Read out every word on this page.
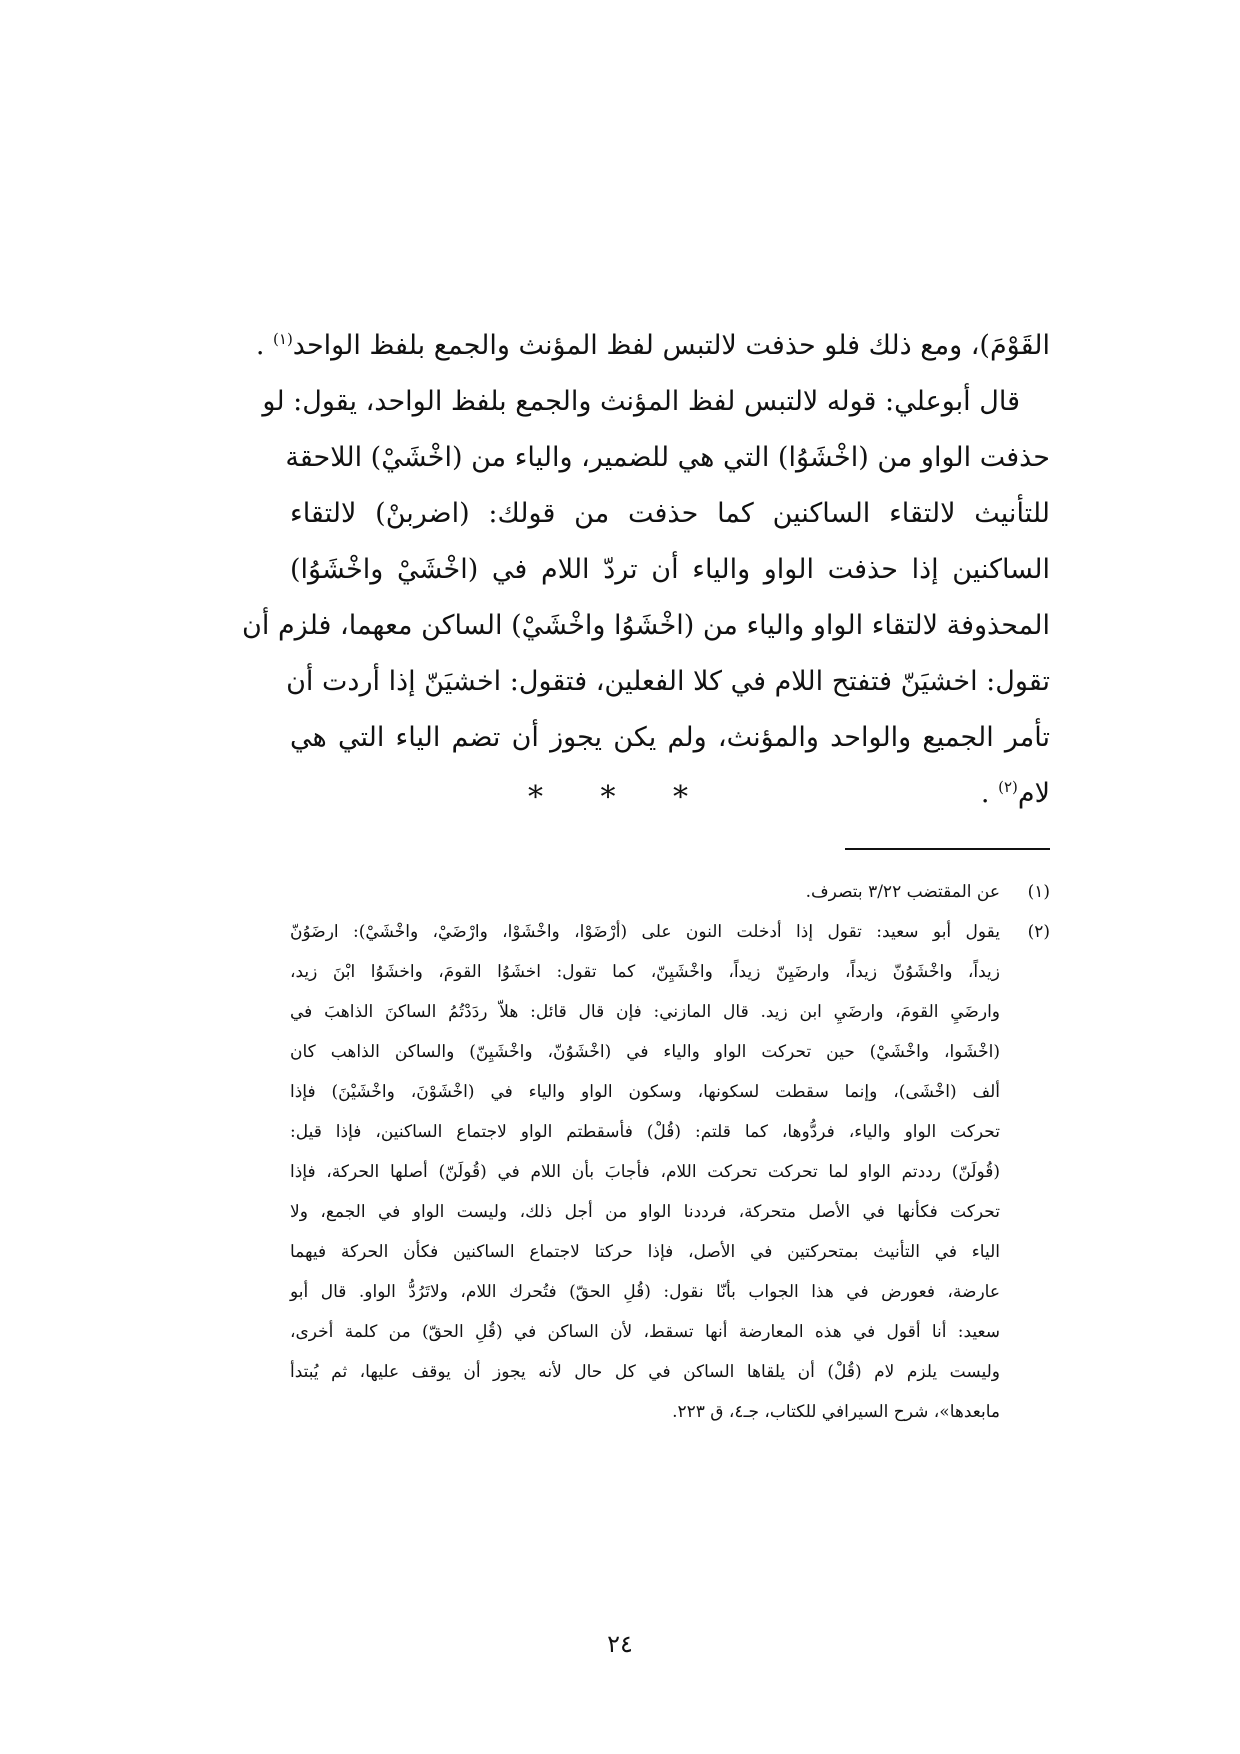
القَوْمَ)، ومع ذلك فلو حذفت لالتبس لفظ المؤنث والجمع بلفظ الواحد$^{(١)}$ .
قال أبوعلي: قوله لالتبس لفظ المؤنث والجمع بلفظ الواحد، يقول: لو
حذفت الواو من (اخْشَوُا) التي هي للضمير، والياء من (اخْشَيْ) اللاحقة
للتأنيث لالتقاء الساكنين كما حذفت من قولك: (اضربنْ) لالتقاء
الساكنين إذا حذفت الواو والياء أن تردّ اللام في (اخْشَيْ واخْشَوُا)
المحذوفة لالتقاء الواو والياء من (اخْشَوُا واخْشَيْ) الساكن معهما، فلزم أن
تقول: اخشيَنّ فتفتح اللام في كلا الفعلين، فتقول: اخشيَنّ إذا أردت أن
تأمر الجميع والواحد والمؤنث، ولم يكن يجوز أن تضم الياء التي هي
لام$^{(٢)}$ .
* * *
(١)
عن المقتضب ٣/٢٢ بتصرف.
(٢)
يقول أبو سعيد: تقول إذا أدخلت النون على (أرْضَوْا، واخْشَوْا، وارْضَيْ، واخْشَيْ): ارضَوُنّ
زيداً، واخْشَوُنّ زيداً، وارضَيِنّ زيداً، واخْشَيِنّ، كما تقول: اخشَوُا القومَ، واخشَوُا ابْنَ زيد،
وارضَيِ القومَ، وارضَيِ ابن زيد. قال المازني: فإن قال قائل: هلاّ ردَدْتُمُ الساكنَ الذاهبَ في
(اخْشَوا، واخْشَيْ) حين تحركت الواو والياء في (اخْشَوُنّ، واخْشَيِنّ) والساكن الذاهب كان
ألف (اخْشَى)، وإنما سقطت لسكونها، وسكون الواو والياء في (اخْشَوْنَ، واخْشَيْنَ) فإذا
تحركت الواو والياء، فردُّوها، كما قلتم: (قُلْ) فأسقطتم الواو لاجتماع الساكنين، فإذا قيل:
(قُولَنّ) رددتم الواو لما تحركت تحركت اللام، فأجابَ بأن اللام في (قُولَنّ) أصلها الحركة، فإذا
تحركت فكأنها في الأصل متحركة، فرددنا الواو من أجل ذلك، وليست الواو في الجمع، ولا
الياء في التأنيث بمتحركتين في الأصل، فإذا حركتا لاجتماع الساكنين فكأن الحركة فيهما
عارضة، فعورض في هذا الجواب بأنّا نقول: (قُلِ الحقّ) فتُحرك اللام، ولاتَرُدُّ الواو. قال أبو
سعيد: أنا أقول في هذه المعارضة أنها تسقط، لأن الساكن في (قُلِ الحقّ) من كلمة أخرى،
وليست يلزم لام (قُلْ) أن يلقاها الساكن في كل حال لأنه يجوز أن يوقف عليها، ثم يُبتدأ
مابعدها»، شرح السيرافي للكتاب، جـ٤، ق ٢٢٣.
٢٤
